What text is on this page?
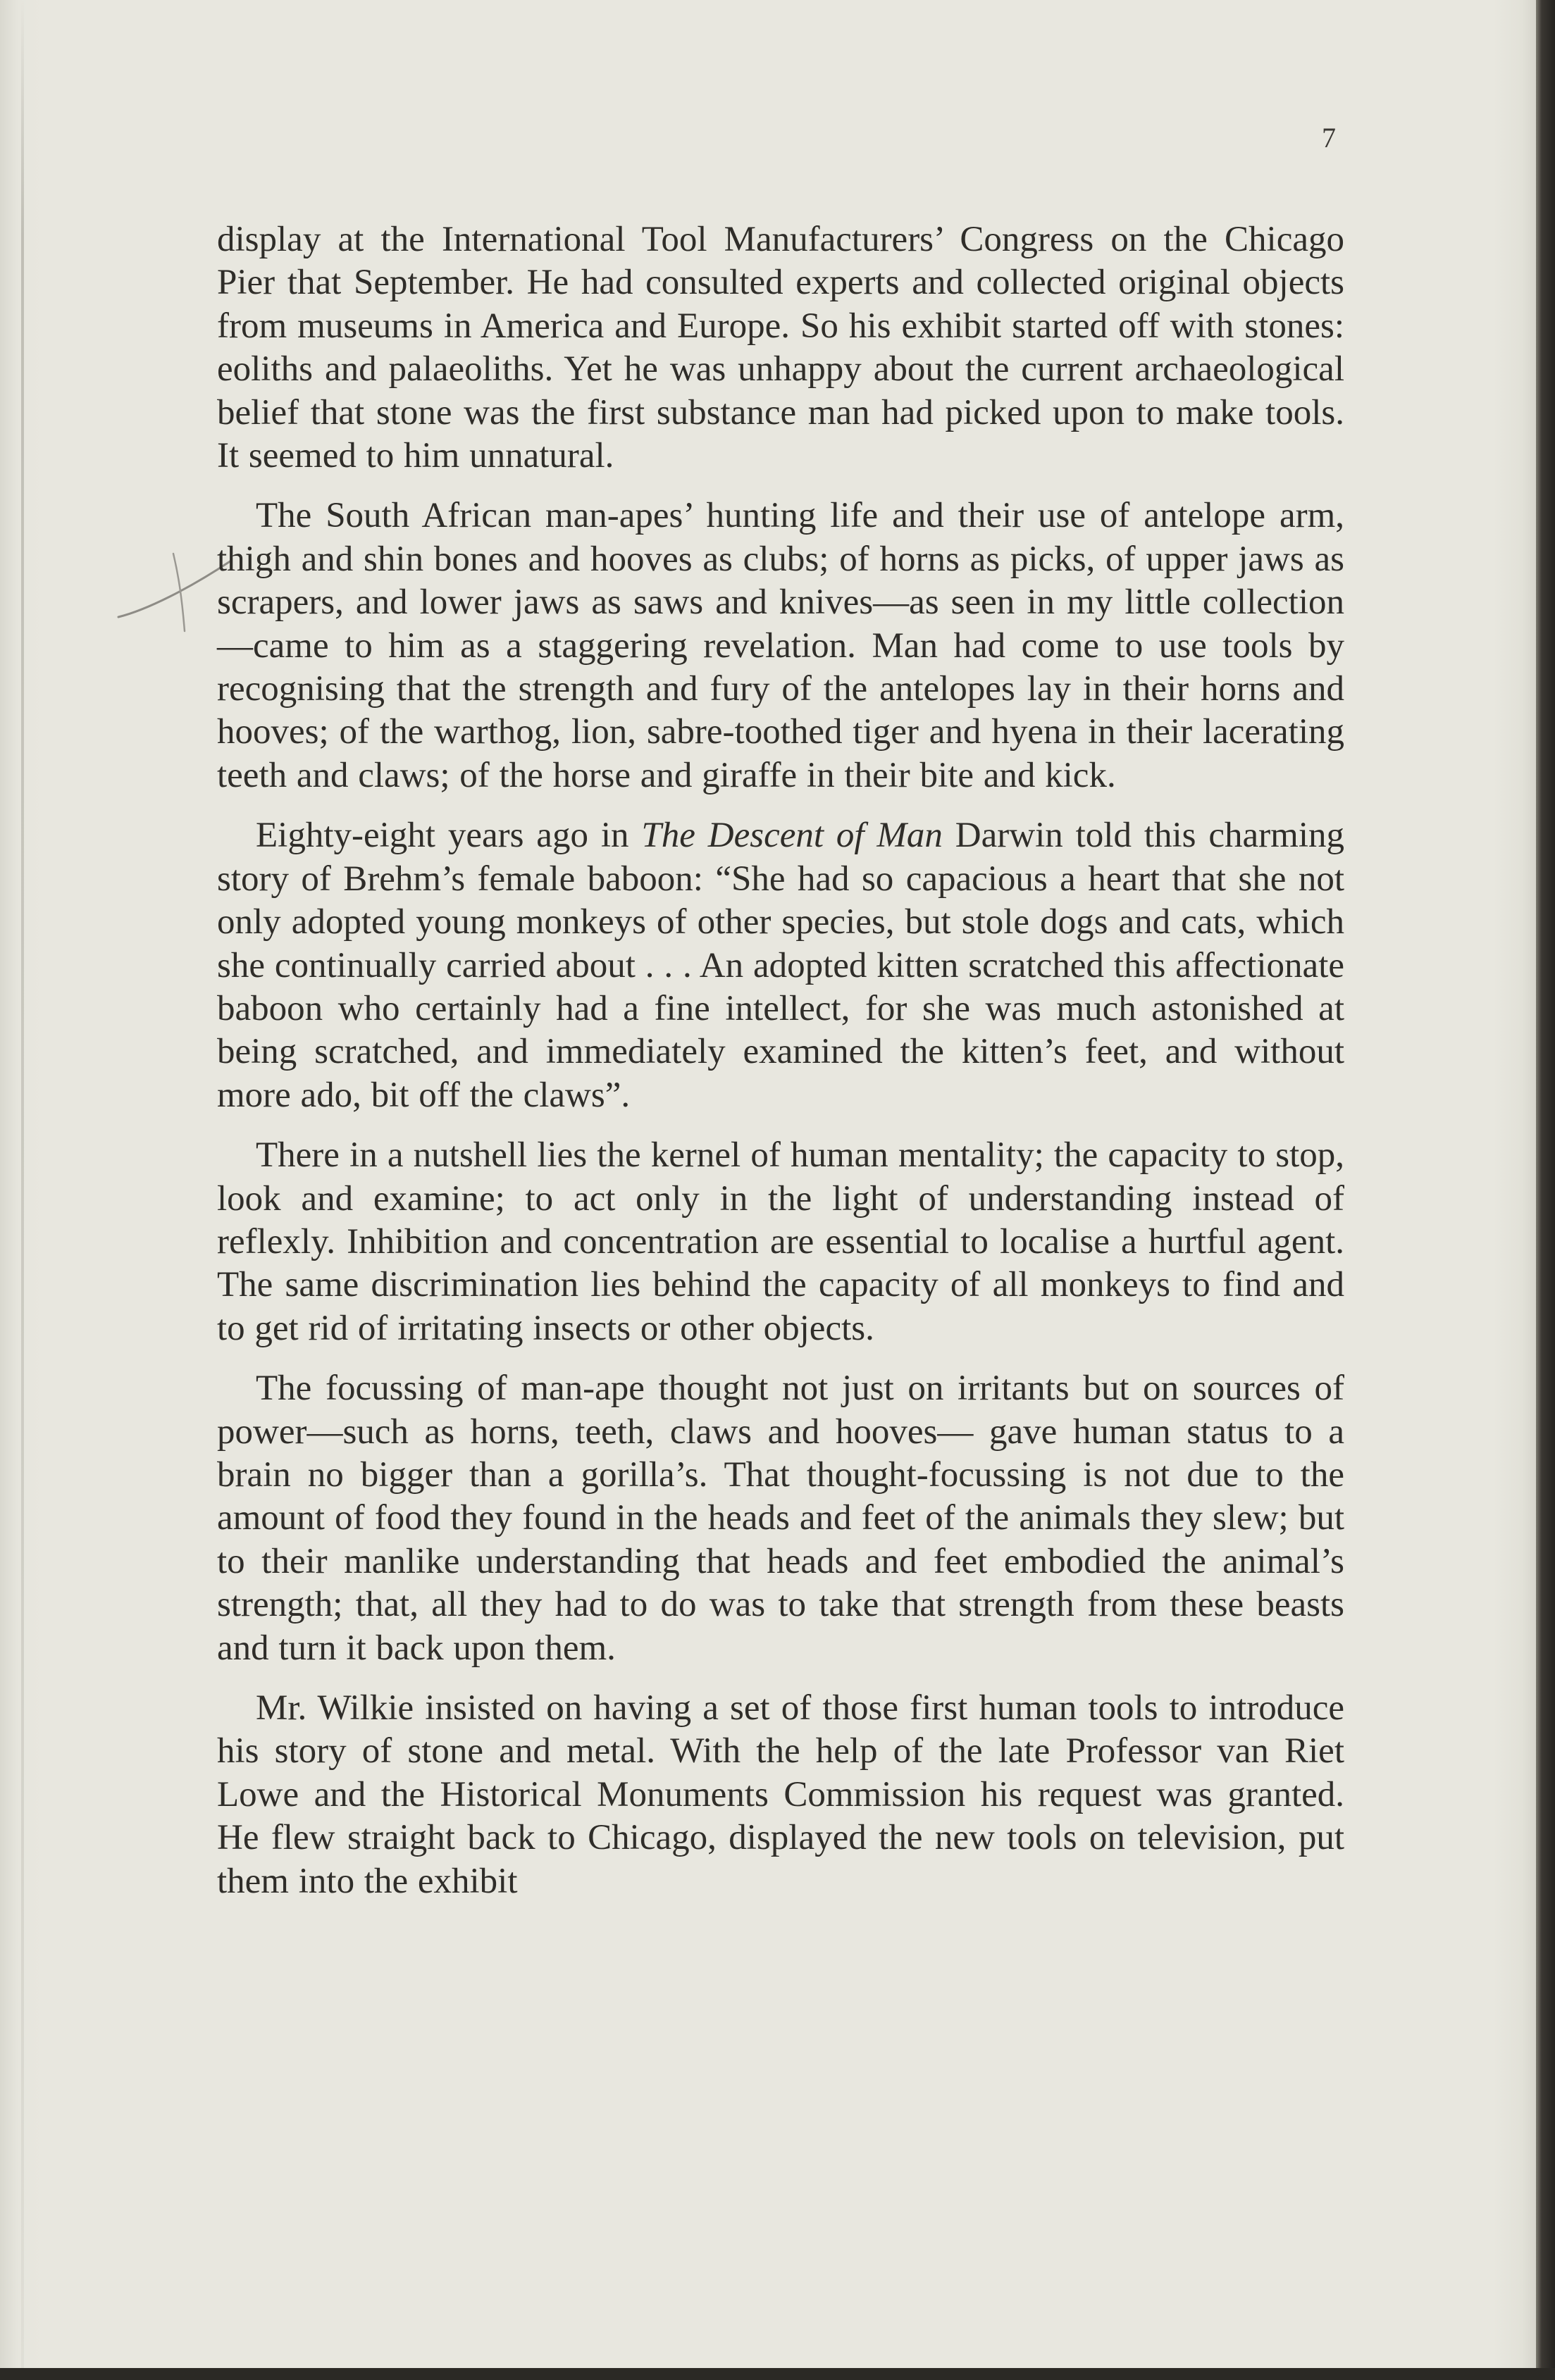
7

display at the International Tool Manufacturers’ Congress on the Chicago Pier that September. He had consulted experts and collected original objects from museums in America and Europe. So his exhibit started off with stones: eoliths and palaeoliths. Yet he was unhappy about the current archaeological belief that stone was the first substance man had picked upon to make tools. It seemed to him unnatural.

The South African man-apes’ hunting life and their use of antelope arm, thigh and shin bones and hooves as clubs; of horns as picks, of upper jaws as scrapers, and lower jaws as saws and knives—as seen in my little collection—came to him as a staggering revelation. Man had come to use tools by recognising that the strength and fury of the antelopes lay in their horns and hooves; of the warthog, lion, sabre-toothed tiger and hyena in their lacerating teeth and claws; of the horse and giraffe in their bite and kick.

Eighty-eight years ago in The Descent of Man Darwin told this charming story of Brehm’s female baboon: “She had so capacious a heart that she not only adopted young monkeys of other species, but stole dogs and cats, which she continually carried about . . . An adopted kitten scratched this affectionate baboon who certainly had a fine intellect, for she was much astonished at being scratched, and immediately examined the kitten’s feet, and without more ado, bit off the claws”.

There in a nutshell lies the kernel of human mentality; the capacity to stop, look and examine; to act only in the light of understanding instead of reflexly. Inhibition and concentration are essential to localise a hurtful agent. The same discrimination lies behind the capacity of all monkeys to find and to get rid of irritating insects or other objects.

The focussing of man-ape thought not just on irritants but on sources of power—such as horns, teeth, claws and hooves— gave human status to a brain no bigger than a gorilla’s. That thought-focussing is not due to the amount of food they found in the heads and feet of the animals they slew; but to their manlike understanding that heads and feet embodied the animal’s strength; that, all they had to do was to take that strength from these beasts and turn it back upon them.

Mr. Wilkie insisted on having a set of those first human tools to introduce his story of stone and metal. With the help of the late Professor van Riet Lowe and the Historical Monuments Commission his request was granted. He flew straight back to Chicago, displayed the new tools on television, put them into the exhibit
